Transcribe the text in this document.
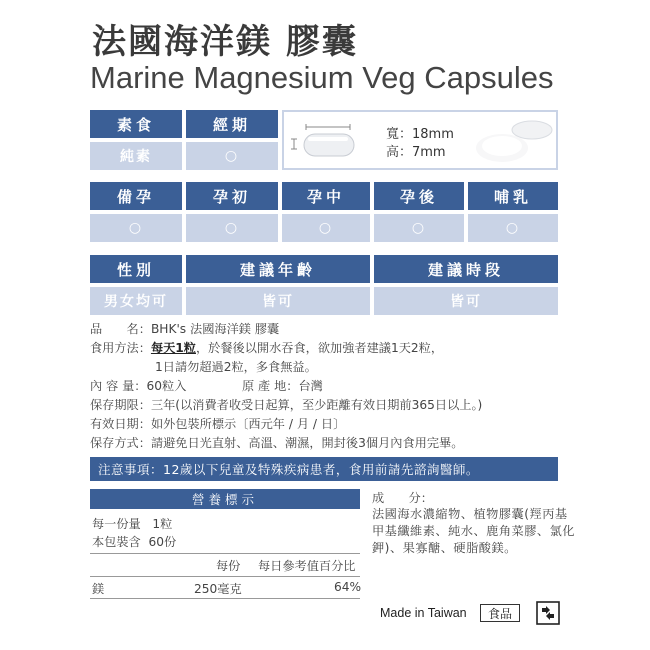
法國海洋鎂 膠囊
Marine Magnesium Veg Capsules
素食	經期
純素	○
寬：18mm
高：7mm
備孕	孕初	孕中	孕後	哺乳
○	○	○	○	○
性別	建議年齡	建議時段
男女均可	皆可	皆可
品　　名：BHK's 法國海洋鎂 膠囊
食用方法：每天1粒，於餐後以開水吞食，欲加強者建議1天2粒，
1日請勿超過2粒，多食無益。
內 容 量：60粒入	原 產 地：台灣
保存期限：三年(以消費者收受日起算，至少距離有效日期前365日以上。)
有效日期：如外包裝所標示〔西元年 / 月 / 日〕
保存方式：請避免日光直射、高溫、潮濕，開封後3個月內食用完畢。
注意事項：12歲以下兒童及特殊疾病患者，食用前請先諮詢醫師。
營養標示
每一份量 1粒
本包裝含 60份
每份 每日參考值百分比
鎂	250毫克	64%
成　　分：
法國海水濃縮物、植物膠囊(羥丙基甲基纖維素、純水、鹿角菜膠、氯化鉀)、果寡醣、硬脂酸鎂。
Made in Taiwan	食品
